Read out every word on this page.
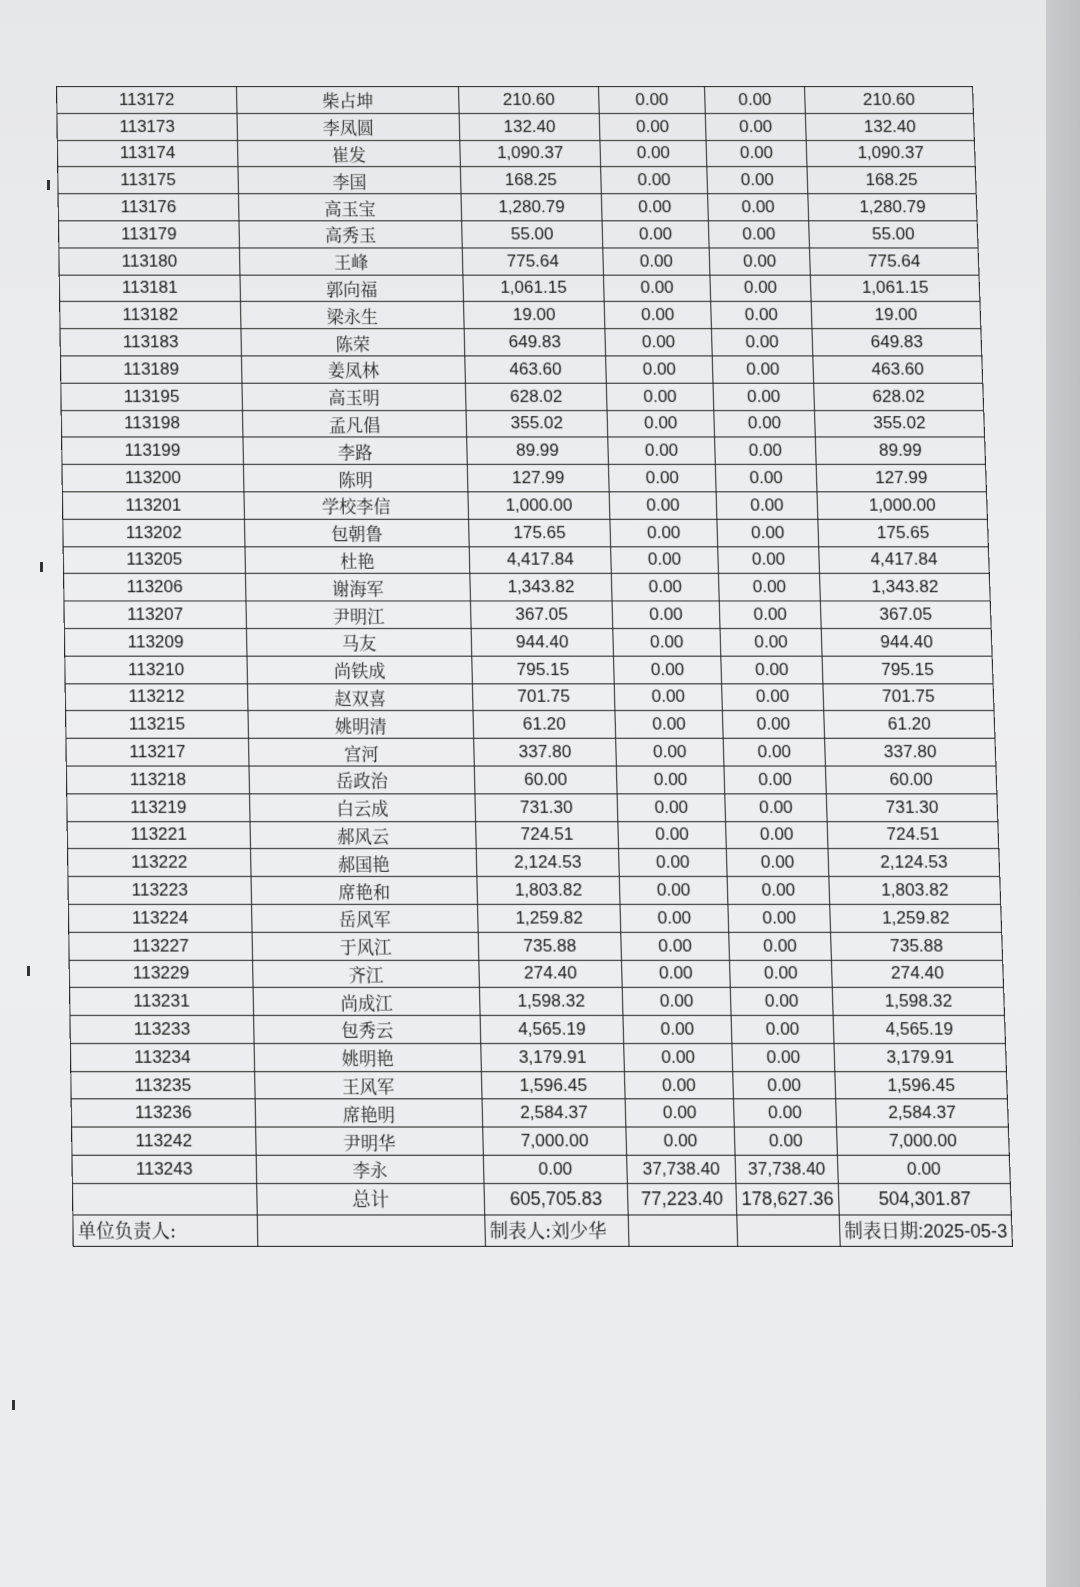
113172	柴占坤	210.60	0.00	0.00	210.60
113173	李凤圆	132.40	0.00	0.00	132.40
113174	崔发	1,090.37	0.00	0.00	1,090.37
113175	李国	168.25	0.00	0.00	168.25
113176	高玉宝	1,280.79	0.00	0.00	1,280.79
113179	高秀玉	55.00	0.00	0.00	55.00
113180	王峰	775.64	0.00	0.00	775.64
113181	郭向福	1,061.15	0.00	0.00	1,061.15
113182	梁永生	19.00	0.00	0.00	19.00
113183	陈荣	649.83	0.00	0.00	649.83
113189	姜凤林	463.60	0.00	0.00	463.60
113195	高玉明	628.02	0.00	0.00	628.02
113198	孟凡倡	355.02	0.00	0.00	355.02
113199	李路	89.99	0.00	0.00	89.99
113200	陈明	127.99	0.00	0.00	127.99
113201	学校李信	1,000.00	0.00	0.00	1,000.00
113202	包朝鲁	175.65	0.00	0.00	175.65
113205	杜艳	4,417.84	0.00	0.00	4,417.84
113206	谢海军	1,343.82	0.00	0.00	1,343.82
113207	尹明江	367.05	0.00	0.00	367.05
113209	马友	944.40	0.00	0.00	944.40
113210	尚铁成	795.15	0.00	0.00	795.15
113212	赵双喜	701.75	0.00	0.00	701.75
113215	姚明清	61.20	0.00	0.00	61.20
113217	宫河	337.80	0.00	0.00	337.80
113218	岳政治	60.00	0.00	0.00	60.00
113219	白云成	731.30	0.00	0.00	731.30
113221	郝风云	724.51	0.00	0.00	724.51
113222	郝国艳	2,124.53	0.00	0.00	2,124.53
113223	席艳和	1,803.82	0.00	0.00	1,803.82
113224	岳风军	1,259.82	0.00	0.00	1,259.82
113227	于风江	735.88	0.00	0.00	735.88
113229	齐江	274.40	0.00	0.00	274.40
113231	尚成江	1,598.32	0.00	0.00	1,598.32
113233	包秀云	4,565.19	0.00	0.00	4,565.19
113234	姚明艳	3,179.91	0.00	0.00	3,179.91
113235	王风军	1,596.45	0.00	0.00	1,596.45
113236	席艳明	2,584.37	0.00	0.00	2,584.37
113242	尹明华	7,000.00	0.00	0.00	7,000.00
113243	李永	0.00	37,738.40	37,738.40	0.00
	总计	605,705.83	77,223.40	178,627.36	504,301.87
单位负责人:		制表人:刘少华			制表日期:2025-05-3
